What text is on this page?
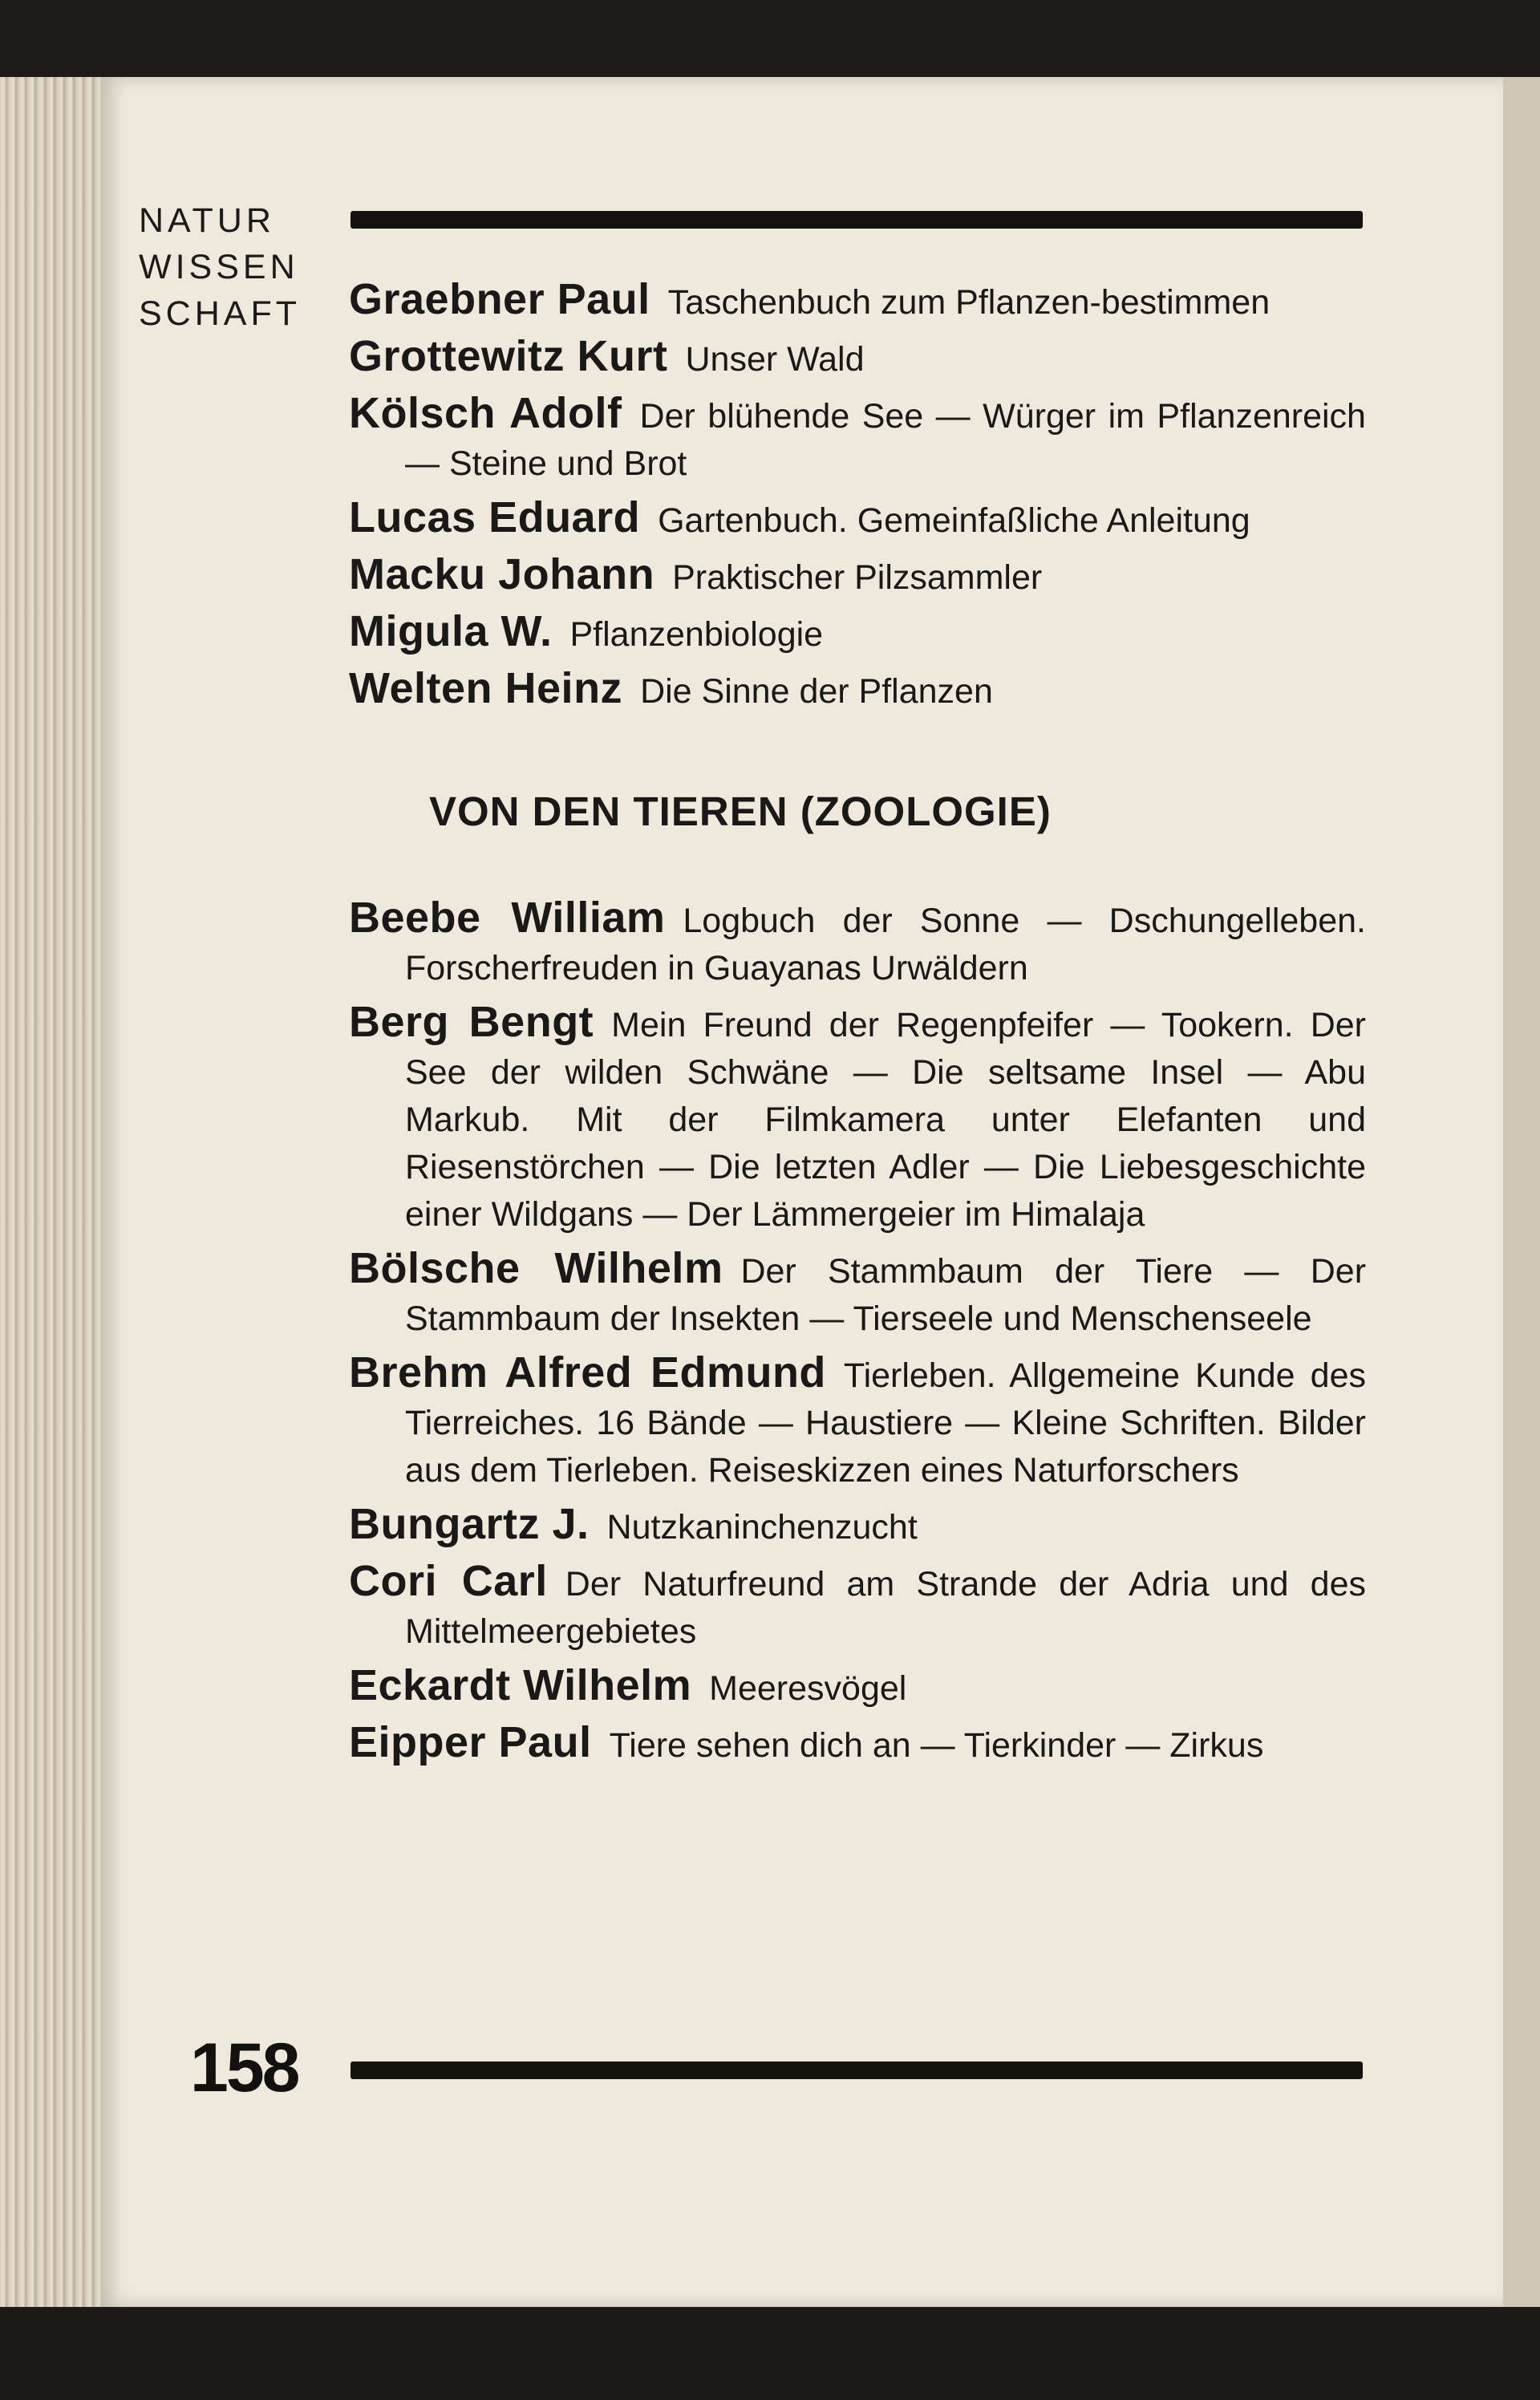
NATUR
WISSEN
SCHAFT	Graebner Paul Taschenbuch zum Pflanzen-bestimmen
Grottewitz Kurt Unser Wald
Kölsch Adolf Der blühende See — Würger im Pflanzenreich — Steine und Brot
Lucas Eduard Gartenbuch. Gemeinfaßliche Anleitung
Macku Johann Praktischer Pilzsammler
Migula W. Pflanzenbiologie
Welten Heinz Die Sinne der Pflanzen
VON DEN TIEREN (ZOOLOGIE)
Beebe William Logbuch der Sonne — Dschungelleben. Forscherfreuden in Guayanas Urwäldern
Berg Bengt Mein Freund der Regenpfeifer — Tookern. Der See der wilden Schwäne — Die seltsame Insel — Abu Markub. Mit der Filmkamera unter Elefanten und Riesenstörchen — Die letzten Adler — Die Liebesgeschichte einer Wildgans — Der Lämmergeier im Himalaja
Bölsche Wilhelm Der Stammbaum der Tiere — Der Stammbaum der Insekten — Tierseele und Menschenseele
Brehm Alfred Edmund Tierleben. Allgemeine Kunde des Tierreiches. 16 Bände — Haustiere — Kleine Schriften. Bilder aus dem Tierleben. Reiseskizzen eines Naturforschers
Bungartz J. Nutzkaninchenzucht
Cori Carl Der Naturfreund am Strande der Adria und des Mittelmeergebietes
Eckardt Wilhelm Meeresvögel
Eipper Paul Tiere sehen dich an — Tierkinder — Zirkus
158
